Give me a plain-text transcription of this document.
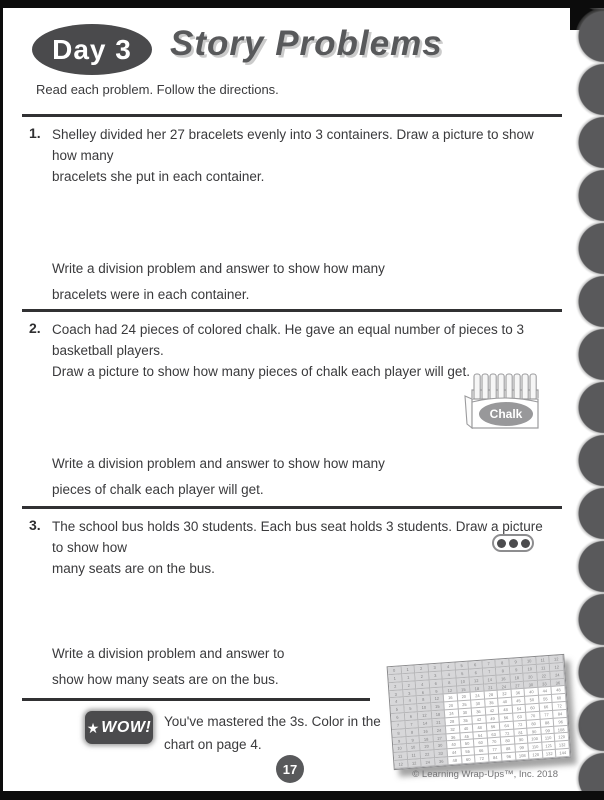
Day 3 Story Problems
Read each problem. Follow the directions.
1. Shelley divided her 27 bracelets evenly into 3 containers. Draw a picture to show how many
bracelets she put in each container.
Write a division problem and answer to show how many
bracelets were in each container.
2. Coach had 24 pieces of colored chalk. He gave an equal number of pieces to 3 basketball players.
Draw a picture to show how many pieces of chalk each player will get.
Chalk
Write a division problem and answer to show how many
pieces of chalk each player will get.
3. The school bus holds 30 students. Each bus seat holds 3 students. Draw a picture to show how
many seats are on the bus.
Write a division problem and answer to
show how many seats are on the bus.
0	1	2	3	4	5	6	7	8	9	10	11	12
1	1	2	3	4	5	6	7	8	9	10	11	12
2	2	4	6	8	10	12	14	16	18	20	22	24
3	3	6	9	12	15	18	21	24	27	30	33	36
4	4	8	12	16	20	24	28	32	36	40	44	48
5	5	10	15	20	25	30	35	40	45	50	55	60
6	6	12	18	24	30	36	42	48	54	60	66	72
7	7	14	21	28	35	42	49	56	63	70	77	84
8	8	16	24	32	40	48	56	64	72	80	88	96
9	9	18	27	36	45	54	63	72	81	90	99	108
10	10	20	30	40	50	60	70	80	90	100	110	120
11	11	22	33	44	55	66	77	88	99	110	121	132
12	12	24	36	48	60	72	84	96	108	120	132	144
★ WOW! You've mastered the 3s. Color in the
chart on page 4.
17	© Learning Wrap-Ups™, Inc. 2018
